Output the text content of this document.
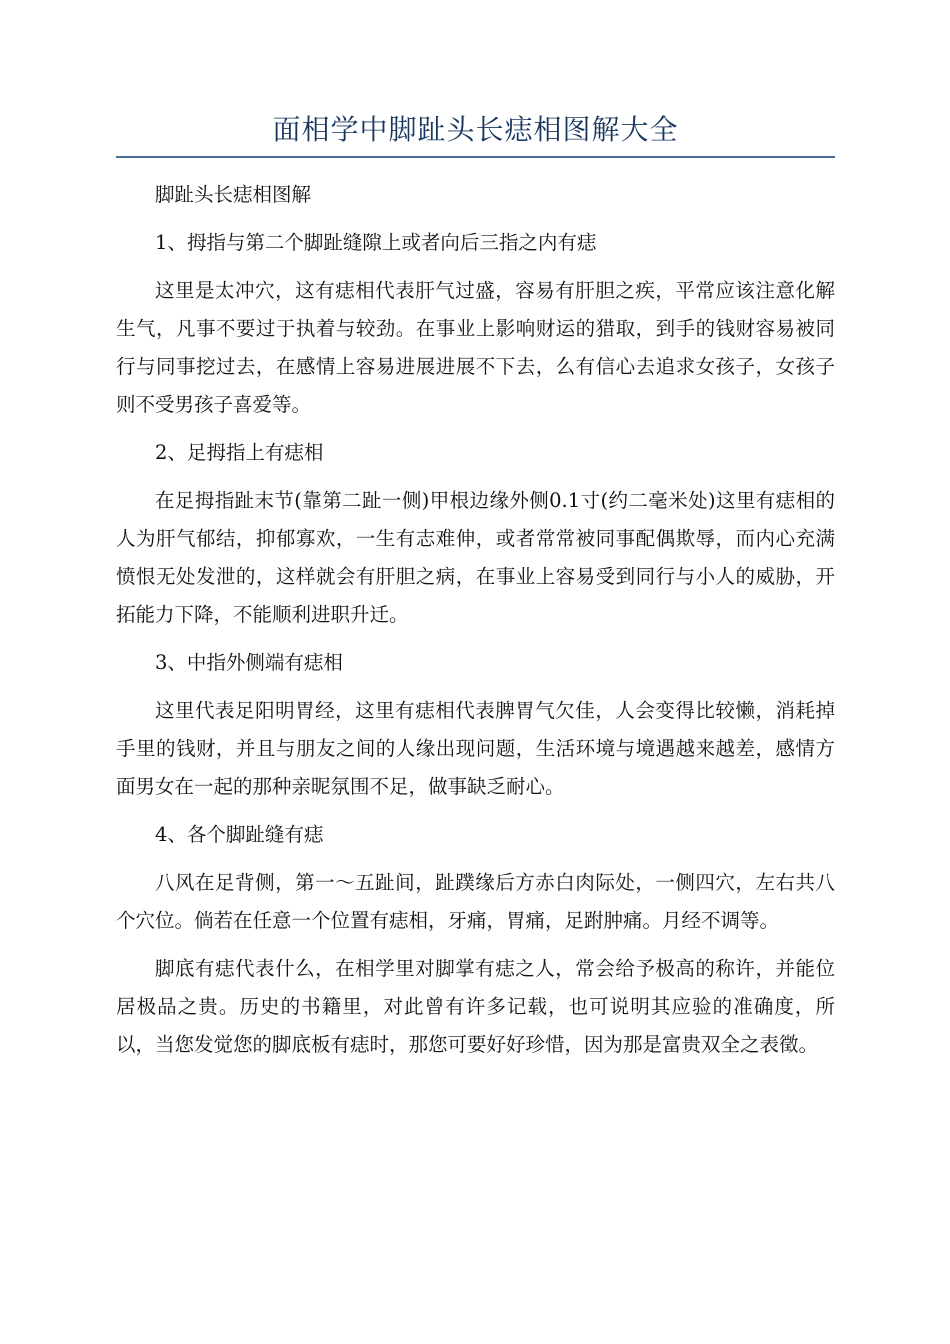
面相学中脚趾头长痣相图解大全

脚趾头长痣相图解

1、拇指与第二个脚趾缝隙上或者向后三指之内有痣

这里是太冲穴，这有痣相代表肝气过盛，容易有肝胆之疾，平常应该注意化解生气，凡事不要过于执着与较劲。在事业上影响财运的猎取，到手的钱财容易被同行与同事挖过去，在感情上容易进展进展不下去，么有信心去追求女孩子，女孩子则不受男孩子喜爱等。

2、足拇指上有痣相

在足拇指趾末节(靠第二趾一侧)甲根边缘外侧0.1寸(约二毫米处)这里有痣相的人为肝气郁结，抑郁寡欢，一生有志难伸，或者常常被同事配偶欺辱，而内心充满愤恨无处发泄的，这样就会有肝胆之病，在事业上容易受到同行与小人的威胁，开拓能力下降，不能顺利进职升迁。

3、中指外侧端有痣相

这里代表足阳明胃经，这里有痣相代表脾胃气欠佳，人会变得比较懒，消耗掉手里的钱财，并且与朋友之间的人缘出现问题，生活环境与境遇越来越差，感情方面男女在一起的那种亲昵氛围不足，做事缺乏耐心。

4、各个脚趾缝有痣

八风在足背侧，第一～五趾间，趾蹼缘后方赤白肉际处，一侧四穴，左右共八个穴位。倘若在任意一个位置有痣相，牙痛，胃痛，足跗肿痛。月经不调等。

脚底有痣代表什么，在相学里对脚掌有痣之人，常会给予极高的称许，并能位居极品之贵。历史的书籍里，对此曾有许多记载，也可说明其应验的准确度，所以，当您发觉您的脚底板有痣时，那您可要好好珍惜，因为那是富贵双全之表徵。
